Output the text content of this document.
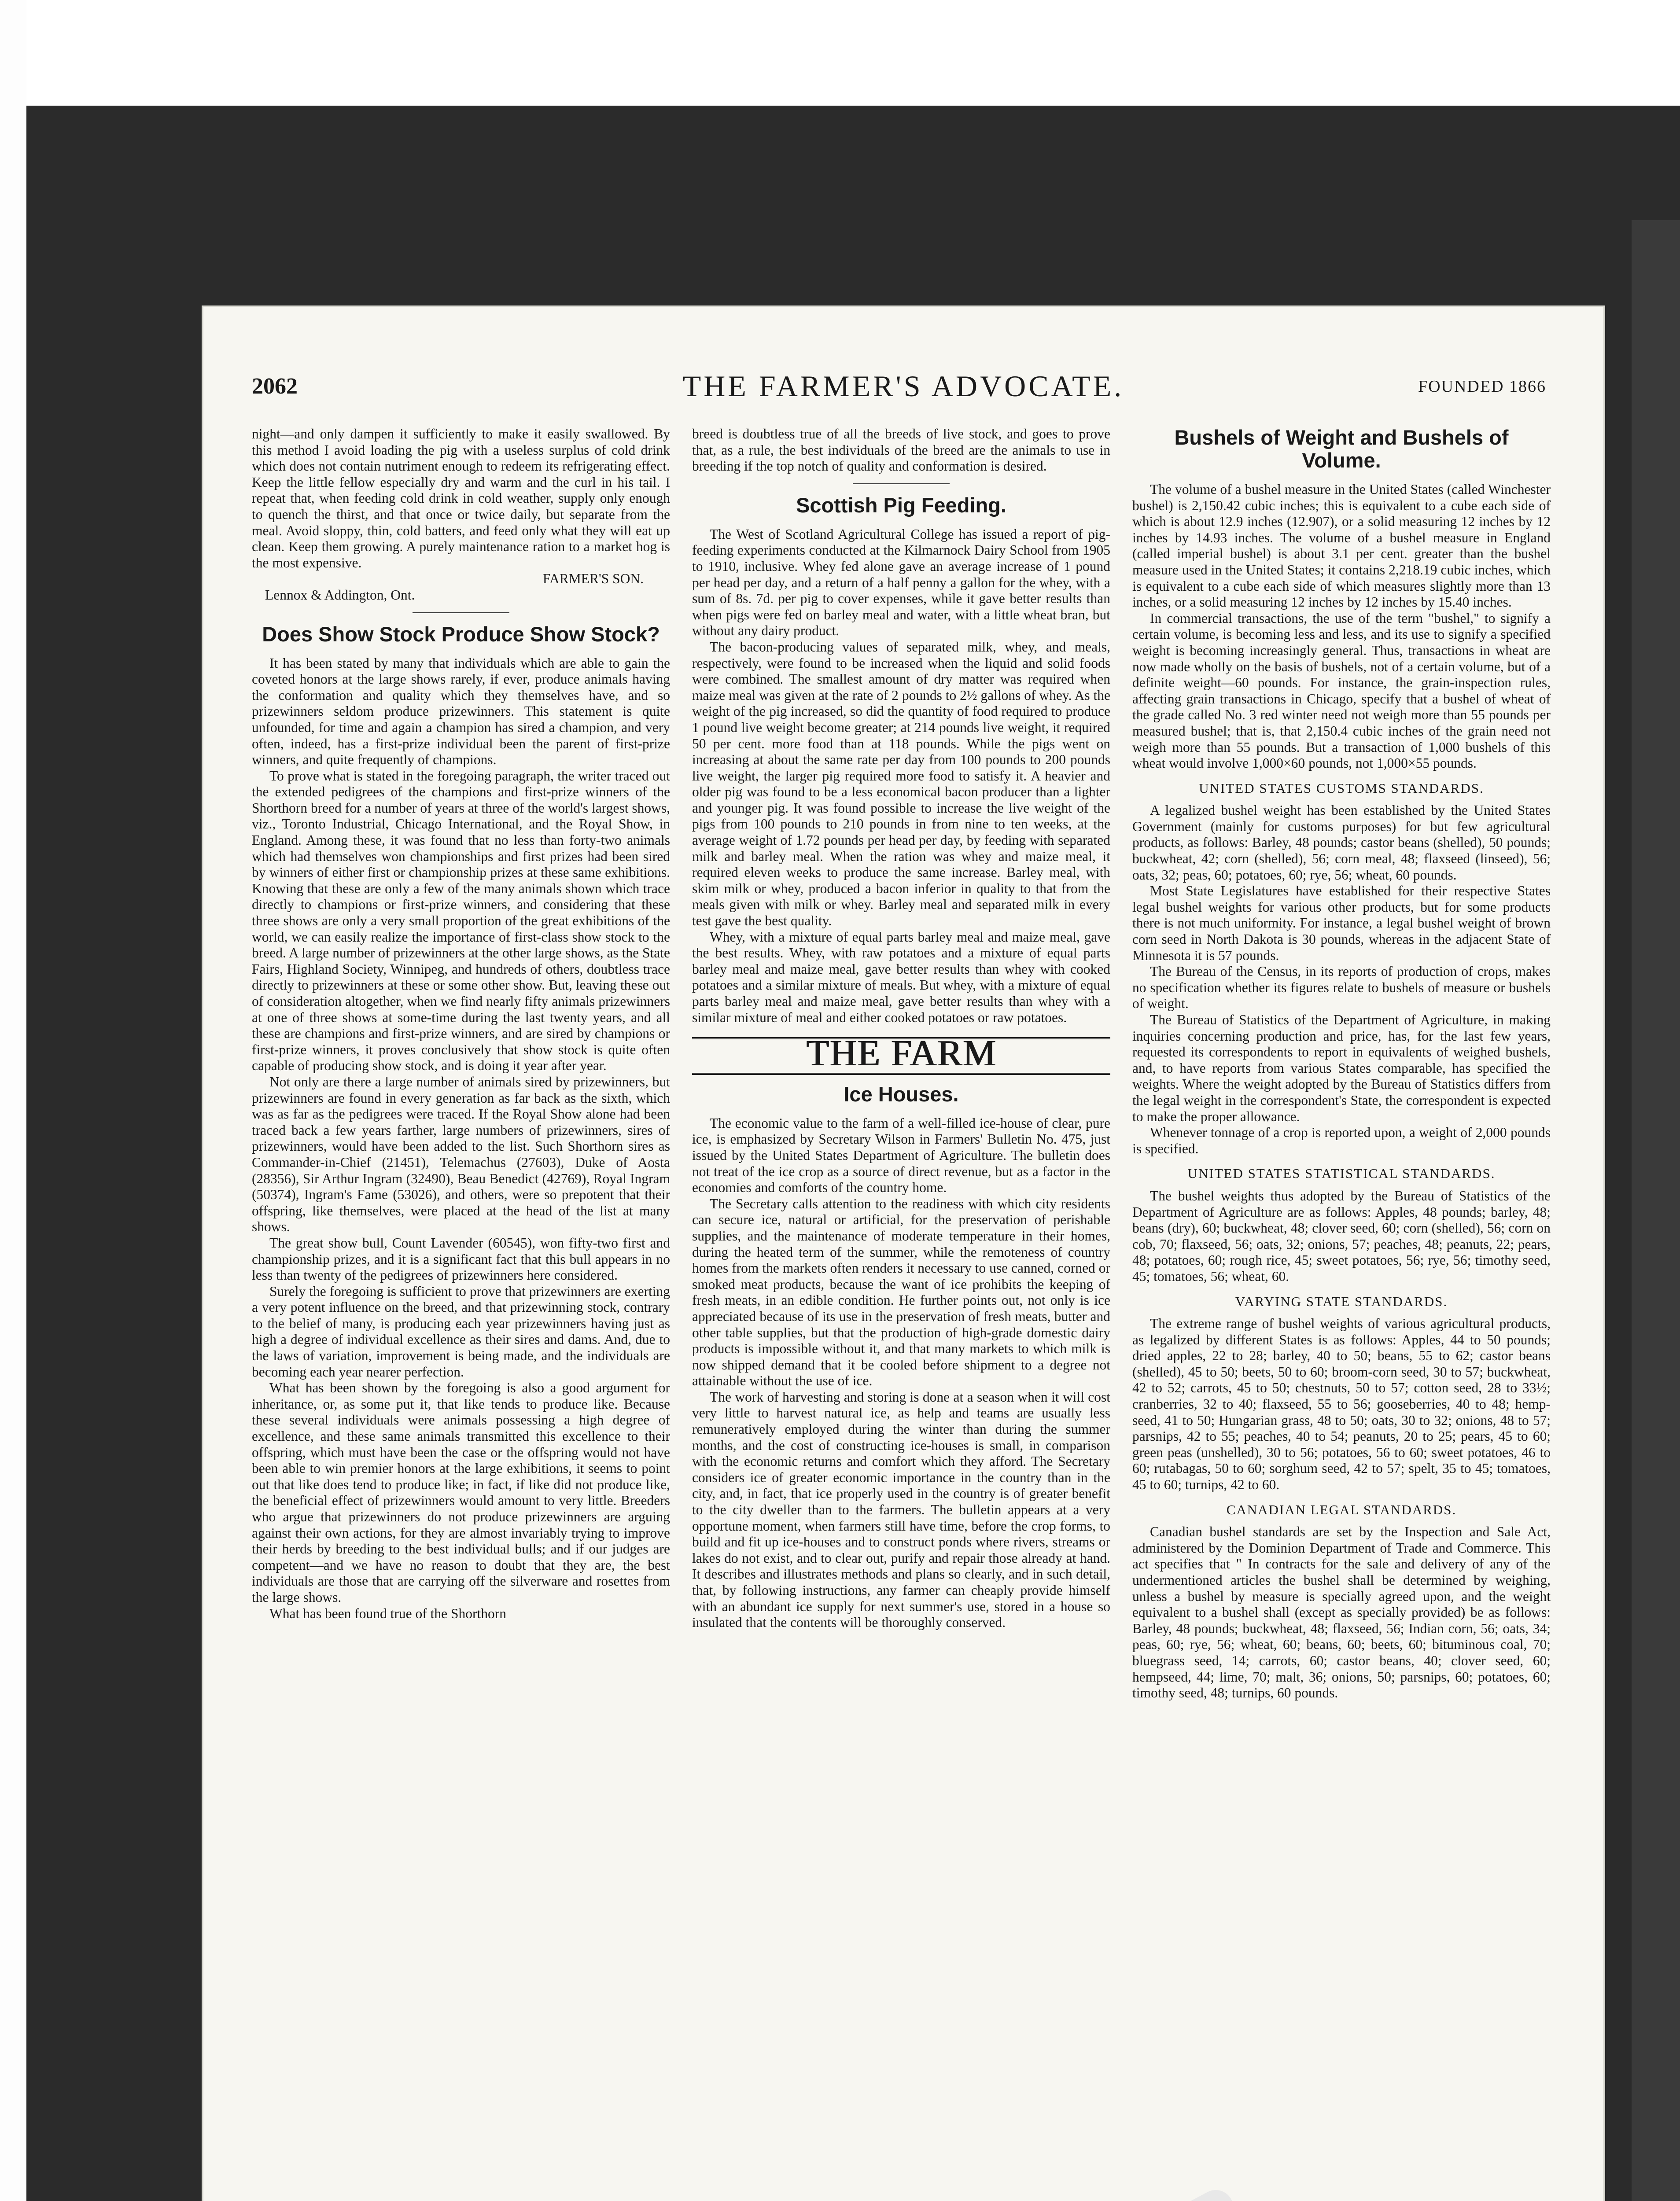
2062	THE FARMER'S ADVOCATE.	FOUNDED 1866

night—and only dampen it sufficiently to make it easily swallowed. By this method I avoid loading the pig with a useless surplus of cold drink which does not contain nutriment enough to redeem its refrigerating effect. Keep the little fellow especially dry and warm and the curl in his tail. I repeat that, when feeding cold drink in cold weather, supply only enough to quench the thirst, and that once or twice daily, but separate from the meal. Avoid sloppy, thin, cold batters, and feed only what they will eat up clean. Keep them growing. A purely maintenance ration to a market hog is the most expensive.

FARMER'S SON.

Lennox & Addington, Ont.

Does Show Stock Produce Show Stock?

It has been stated by many that individuals which are able to gain the coveted honors at the large shows rarely, if ever, produce animals having the conformation and quality which they themselves have, and so prizewinners seldom produce prizewinners. This statement is quite unfounded, for time and again a champion has sired a champion, and very often, indeed, has a first-prize individual been the parent of first-prize winners, and quite frequently of champions.

To prove what is stated in the foregoing paragraph, the writer traced out the extended pedigrees of the champions and first-prize winners of the Shorthorn breed for a number of years at three of the world's largest shows, viz., Toronto Industrial, Chicago International, and the Royal Show, in England. Among these, it was found that no less than forty-two animals which had themselves won championships and first prizes had been sired by winners of either first or championship prizes at these same exhibitions. Knowing that these are only a few of the many animals shown which trace directly to champions or first-prize winners, and considering that these three shows are only a very small proportion of the great exhibitions of the world, we can easily realize the importance of first-class show stock to the breed. A large number of prizewinners at the other large shows, as the State Fairs, Highland Society, Winnipeg, and hundreds of others, doubtless trace directly to prizewinners at these or some other show. But, leaving these out of consideration altogether, when we find nearly fifty animals prizewinners at one of three shows at some-time during the last twenty years, and all these are champions and first-prize winners, and are sired by champions or first-prize winners, it proves conclusively that show stock is quite often capable of producing show stock, and is doing it year after year.

Not only are there a large number of animals sired by prizewinners, but prizewinners are found in every generation as far back as the sixth, which was as far as the pedigrees were traced. If the Royal Show alone had been traced back a few years farther, large numbers of prizewinners, sires of prizewinners, would have been added to the list. Such Shorthorn sires as Commander-in-Chief (21451), Telemachus (27603), Duke of Aosta (28356), Sir Arthur Ingram (32490), Beau Benedict (42769), Royal Ingram (50374), Ingram's Fame (53026), and others, were so prepotent that their offspring, like themselves, were placed at the head of the list at many shows.

The great show bull, Count Lavender (60545), won fifty-two first and championship prizes, and it is a significant fact that this bull appears in no less than twenty of the pedigrees of prizewinners here considered.

Surely the foregoing is sufficient to prove that prizewinners are exerting a very potent influence on the breed, and that prizewinning stock, contrary to the belief of many, is producing each year prizewinners having just as high a degree of individual excellence as their sires and dams. And, due to the laws of variation, improvement is being made, and the individuals are becoming each year nearer perfection.

What has been shown by the foregoing is also a good argument for inheritance, or, as some put it, that like tends to produce like. Because these several individuals were animals possessing a high degree of excellence, and these same animals transmitted this excellence to their offspring, which must have been the case or the offspring would not have been able to win premier honors at the large exhibitions, it seems to point out that like does tend to produce like; in fact, if like did not produce like, the beneficial effect of prizewinners would amount to very little. Breeders who argue that prizewinners do not produce prizewinners are arguing against their own actions, for they are almost invariably trying to improve their herds by breeding to the best individual bulls; and if our judges are competent—and we have no reason to doubt that they are, the best individuals are those that are carrying off the silverware and rosettes from the large shows.

What has been found true of the Shorthorn

breed is doubtless true of all the breeds of live stock, and goes to prove that, as a rule, the best individuals of the breed are the animals to use in breeding if the top notch of quality and conformation is desired.

Scottish Pig Feeding.

The West of Scotland Agricultural College has issued a report of pig-feeding experiments conducted at the Kilmarnock Dairy School from 1905 to 1910, inclusive. Whey fed alone gave an average increase of 1 pound per head per day, and a return of a half penny a gallon for the whey, with a sum of 8s. 7d. per pig to cover expenses, while it gave better results than when pigs were fed on barley meal and water, with a little wheat bran, but without any dairy product.

The bacon-producing values of separated milk, whey, and meals, respectively, were found to be increased when the liquid and solid foods were combined. The smallest amount of dry matter was required when maize meal was given at the rate of 2 pounds to 2½ gallons of whey. As the weight of the pig increased, so did the quantity of food required to produce 1 pound live weight become greater; at 214 pounds live weight, it required 50 per cent. more food than at 118 pounds. While the pigs went on increasing at about the same rate per day from 100 pounds to 200 pounds live weight, the larger pig required more food to satisfy it. A heavier and older pig was found to be a less economical bacon producer than a lighter and younger pig. It was found possible to increase the live weight of the pigs from 100 pounds to 210 pounds in from nine to ten weeks, at the average weight of 1.72 pounds per head per day, by feeding with separated milk and barley meal. When the ration was whey and maize meal, it required eleven weeks to produce the same increase. Barley meal, with skim milk or whey, produced a bacon inferior in quality to that from the meals given with milk or whey. Barley meal and separated milk in every test gave the best quality.

Whey, with a mixture of equal parts barley meal and maize meal, gave the best results. Whey, with raw potatoes and a mixture of equal parts barley meal and maize meal, gave better results than whey with cooked potatoes and a similar mixture of meals. But whey, with a mixture of equal parts barley meal and maize meal, gave better results than whey with a similar mixture of meal and either cooked potatoes or raw potatoes.

THE FARM
Ice Houses.

The economic value to the farm of a well-filled ice-house of clear, pure ice, is emphasized by Secretary Wilson in Farmers' Bulletin No. 475, just issued by the United States Department of Agriculture. The bulletin does not treat of the ice crop as a source of direct revenue, but as a factor in the economies and comforts of the country home.

The Secretary calls attention to the readiness with which city residents can secure ice, natural or artificial, for the preservation of perishable supplies, and the maintenance of moderate temperature in their homes, during the heated term of the summer, while the remoteness of country homes from the markets often renders it necessary to use canned, corned or smoked meat products, because the want of ice prohibits the keeping of fresh meats, in an edible condition. He further points out, not only is ice appreciated because of its use in the preservation of fresh meats, butter and other table supplies, but that the production of high-grade domestic dairy products is impossible without it, and that many markets to which milk is now shipped demand that it be cooled before shipment to a degree not attainable without the use of ice.

The work of harvesting and storing is done at a season when it will cost very little to harvest natural ice, as help and teams are usually less remuneratively employed during the winter than during the summer months, and the cost of constructing ice-houses is small, in comparison with the economic returns and comfort which they afford. The Secretary considers ice of greater economic importance in the country than in the city, and, in fact, that ice properly used in the country is of greater benefit to the city dweller than to the farmers. The bulletin appears at a very opportune moment, when farmers still have time, before the crop forms, to build and fit up ice-houses and to construct ponds where rivers, streams or lakes do not exist, and to clear out, purify and repair those already at hand. It describes and illustrates methods and plans so clearly, and in such detail, that, by following instructions, any farmer can cheaply provide himself with an abundant ice supply for next summer's use, stored in a house so insulated that the contents will be thoroughly conserved.

Bushels of Weight and Bushels of Volume.

The volume of a bushel measure in the United States (called Winchester bushel) is 2,150.42 cubic inches; this is equivalent to a cube each side of which is about 12.9 inches (12.907), or a solid measuring 12 inches by 12 inches by 14.93 inches. The volume of a bushel measure in England (called imperial bushel) is about 3.1 per cent. greater than the bushel measure used in the United States; it contains 2,218.19 cubic inches, which is equivalent to a cube each side of which measures slightly more than 13 inches, or a solid measuring 12 inches by 12 inches by 15.40 inches.

In commercial transactions, the use of the term "bushel," to signify a certain volume, is becoming less and less, and its use to signify a specified weight is becoming increasingly general. Thus, transactions in wheat are now made wholly on the basis of bushels, not of a certain volume, but of a definite weight—60 pounds. For instance, the grain-inspection rules, affecting grain transactions in Chicago, specify that a bushel of wheat of the grade called No. 3 red winter need not weigh more than 55 pounds per measured bushel; that is, that 2,150.4 cubic inches of the grain need not weigh more than 55 pounds. But a transaction of 1,000 bushels of this wheat would involve 1,000×60 pounds, not 1,000×55 pounds.

UNITED STATES CUSTOMS STANDARDS.

A legalized bushel weight has been established by the United States Government (mainly for customs purposes) for but few agricultural products, as follows: Barley, 48 pounds; castor beans (shelled), 50 pounds; buckwheat, 42; corn (shelled), 56; corn meal, 48; flaxseed (linseed), 56; oats, 32; peas, 60; potatoes, 60; rye, 56; wheat, 60 pounds.

Most State Legislatures have established for their respective States legal bushel weights for various other products, but for some products there is not much uniformity. For instance, a legal bushel weight of brown corn seed in North Dakota is 30 pounds, whereas in the adjacent State of Minnesota it is 57 pounds.

The Bureau of the Census, in its reports of production of crops, makes no specification whether its figures relate to bushels of measure or bushels of weight.

The Bureau of Statistics of the Department of Agriculture, in making inquiries concerning production and price, has, for the last few years, requested its correspondents to report in equivalents of weighed bushels, and, to have reports from various States comparable, has specified the weights. Where the weight adopted by the Bureau of Statistics differs from the legal weight in the correspondent's State, the correspondent is expected to make the proper allowance.

Whenever tonnage of a crop is reported upon, a weight of 2,000 pounds is specified.

UNITED STATES STATISTICAL STANDARDS.

The bushel weights thus adopted by the Bureau of Statistics of the Department of Agriculture are as follows: Apples, 48 pounds; barley, 48; beans (dry), 60; buckwheat, 48; clover seed, 60; corn (shelled), 56; corn on cob, 70; flaxseed, 56; oats, 32; onions, 57; peaches, 48; peanuts, 22; pears, 48; potatoes, 60; rough rice, 45; sweet potatoes, 56; rye, 56; timothy seed, 45; tomatoes, 56; wheat, 60.

VARYING STATE STANDARDS.

The extreme range of bushel weights of various agricultural products, as legalized by different States is as follows: Apples, 44 to 50 pounds; dried apples, 22 to 28; barley, 40 to 50; beans, 55 to 62; castor beans (shelled), 45 to 50; beets, 50 to 60; broom-corn seed, 30 to 57; buckwheat, 42 to 52; carrots, 45 to 50; chestnuts, 50 to 57; cotton seed, 28 to 33½; cranberries, 32 to 40; flaxseed, 55 to 56; gooseberries, 40 to 48; hemp-seed, 41 to 50; Hungarian grass, 48 to 50; oats, 30 to 32; onions, 48 to 57; parsnips, 42 to 55; peaches, 40 to 54; peanuts, 20 to 25; pears, 45 to 60; green peas (unshelled), 30 to 56; potatoes, 56 to 60; sweet potatoes, 46 to 60; rutabagas, 50 to 60; sorghum seed, 42 to 57; spelt, 35 to 45; tomatoes, 45 to 60; turnips, 42 to 60.

CANADIAN LEGAL STANDARDS.

Canadian bushel standards are set by the Inspection and Sale Act, administered by the Dominion Department of Trade and Commerce. This act specifies that " In contracts for the sale and delivery of any of the undermentioned articles the bushel shall be determined by weighing, unless a bushel by measure is specially agreed upon, and the weight equivalent to a bushel shall (except as specially provided) be as follows: Barley, 48 pounds; buckwheat, 48; flaxseed, 56; Indian corn, 56; oats, 34; peas, 60; rye, 56; wheat, 60; beans, 60; beets, 60; bituminous coal, 70; bluegrass seed, 14; carrots, 60; castor beans, 40; clover seed, 60; hempseed, 44; lime, 70; malt, 36; onions, 50; parsnips, 60; potatoes, 60; timothy seed, 48; turnips, 60 pounds.
